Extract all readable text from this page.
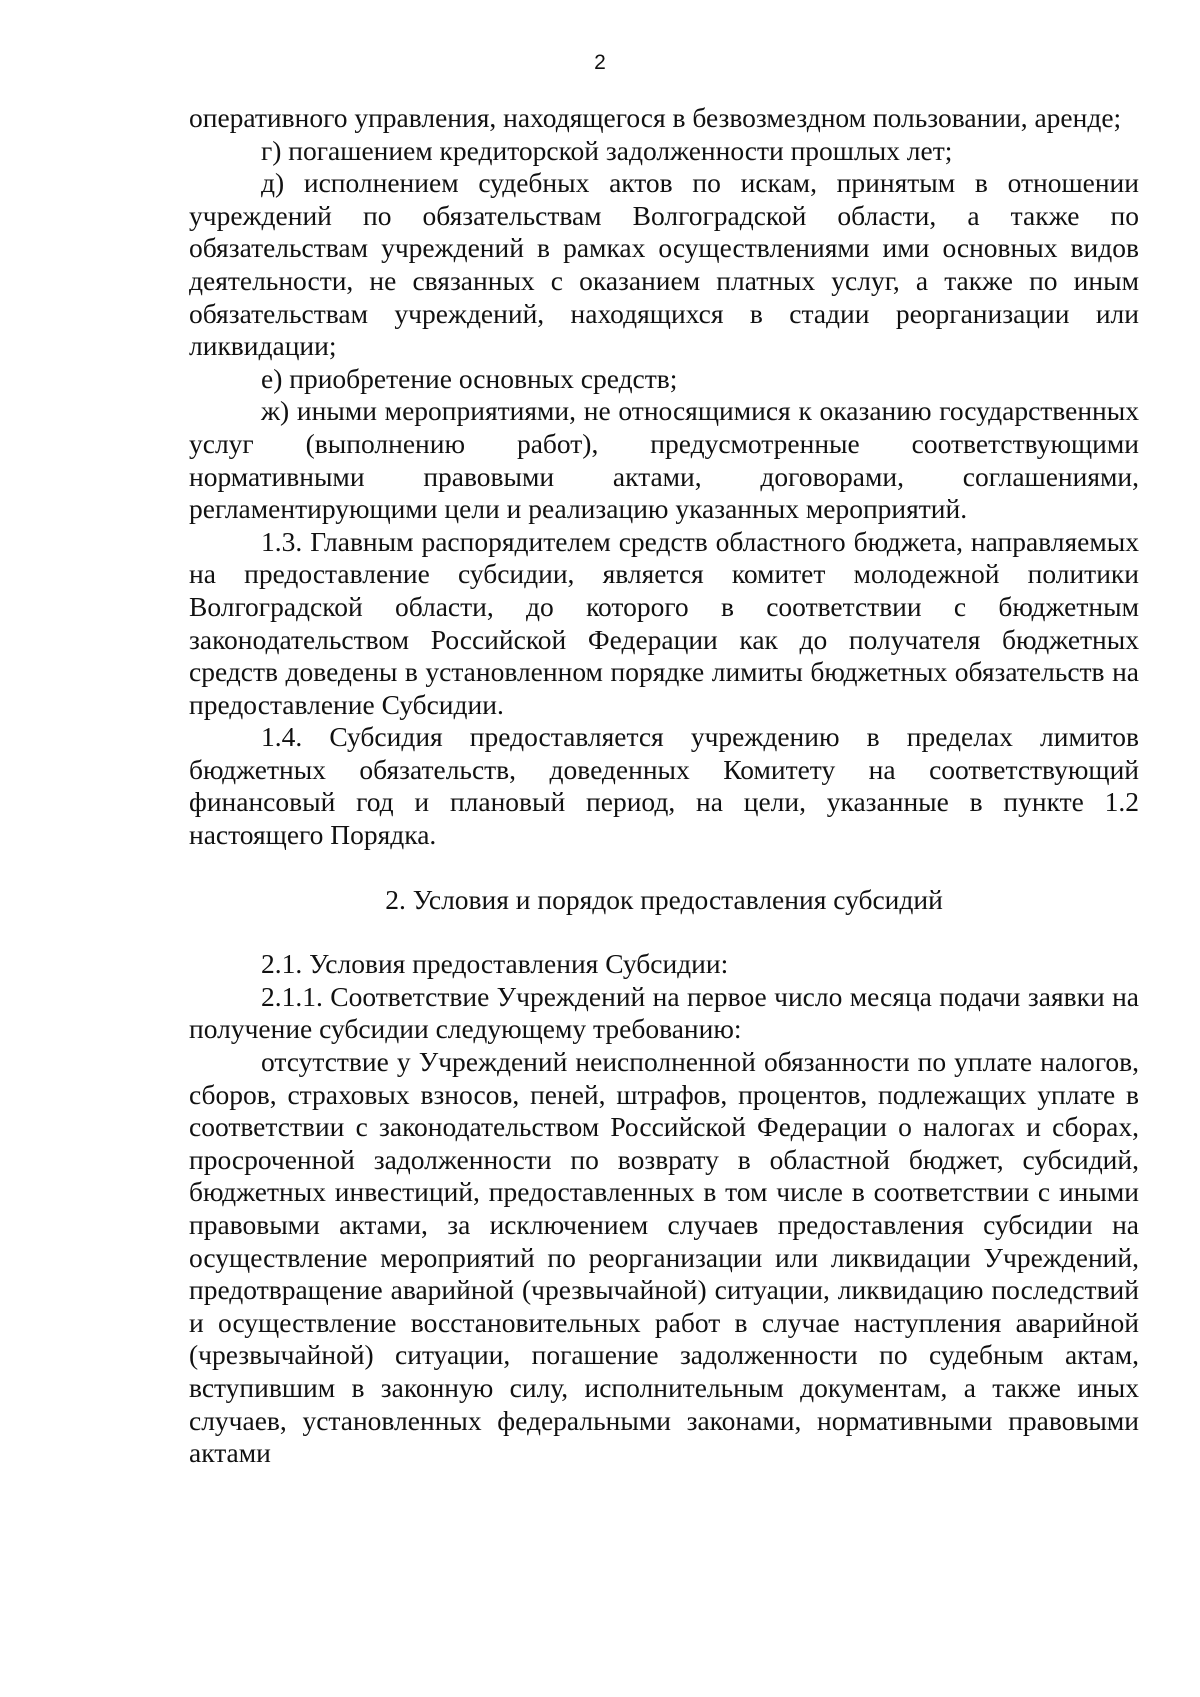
2

оперативного управления, находящегося в безвозмездном пользовании, аренде;

г) погашением кредиторской задолженности прошлых лет;

д) исполнением судебных актов по искам, принятым в отношении учреждений по обязательствам Волгоградской области, а также по обязательствам учреждений в рамках осуществлениями ими основных видов деятельности, не связанных с оказанием платных услуг, а также по иным обязательствам учреждений, находящихся в стадии реорганизации или ликвидации;

е) приобретение основных средств;

ж) иными мероприятиями, не относящимися к оказанию государственных услуг (выполнению работ), предусмотренные соответствующими нормативными правовыми актами, договорами, соглашениями, регламентирующими цели и реализацию указанных мероприятий.

1.3. Главным распорядителем средств областного бюджета, направляемых на предоставление субсидии, является комитет молодежной политики Волгоградской области, до которого в соответствии с бюджетным законодательством Российской Федерации как до получателя бюджетных средств доведены в установленном порядке лимиты бюджетных обязательств на предоставление Субсидии.

1.4. Субсидия предоставляется учреждению в пределах лимитов бюджетных обязательств, доведенных Комитету на соответствующий финансовый год и плановый период, на цели, указанные в пункте 1.2 настоящего Порядка.

2. Условия и порядок предоставления субсидий

2.1. Условия предоставления Субсидии:

2.1.1. Соответствие Учреждений на первое число месяца подачи заявки на получение субсидии следующему требованию:

отсутствие у Учреждений неисполненной обязанности по уплате налогов, сборов, страховых взносов, пеней, штрафов, процентов, подлежащих уплате в соответствии с законодательством Российской Федерации о налогах и сборах, просроченной задолженности по возврату в областной бюджет, субсидий, бюджетных инвестиций, предоставленных в том числе в соответствии с иными правовыми актами, за исключением случаев предоставления субсидии на осуществление мероприятий по реорганизации или ликвидации Учреждений, предотвращение аварийной (чрезвычайной) ситуации, ликвидацию последствий и осуществление восстановительных работ в случае наступления аварийной (чрезвычайной) ситуации, погашение задолженности по судебным актам, вступившим в законную силу, исполнительным документам, а также иных случаев, установленных федеральными законами, нормативными правовыми актами
